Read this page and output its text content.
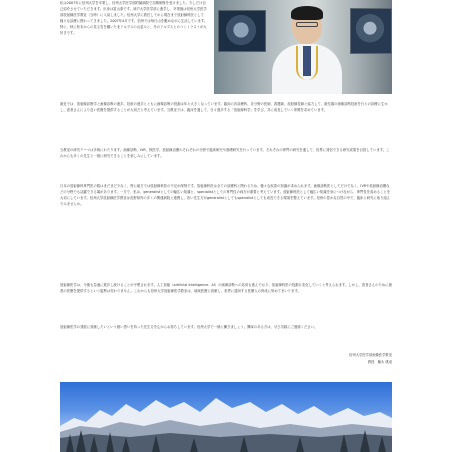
私は2007年に信州大学を卒業し、信州大学医学部附属病院で初期研修を受けました。少しだけ自己紹介させていただきます。出身は富山県です。神戸大学医学部に進学し、卒業後は信州大学医学部放射線医学教室（当時）に入局しました。信州大学に着任してから現在まで放射線科医として様々な診療に携わってきました。2007年4月です。信州では毎日山を眺めながら生活しています。特に、秋に松本からの見る雪を戴いた北アルプスの山並みと、冬のアルプスとのコントラストが大好きです。

最近では、放射線診断学と画像診断の進歩、技術の進歩とともに画像診断の役割は年々大きくなっています。臨床の各診療科、各分野の医師、看護師、放射線技師と協力して、最先端の画像診断技術を日々の診療に生かし、患者さんにより良い医療を提供することが大切だと考えています。当教室では、臨床を通して、日々進歩する「放射線科学」を学び、共に成長していく仲間を求めています。

当教室の研究テーマは多岐にわたります。画像診断、IVR、核医学、放射線治療のそれぞれの分野で臨床研究や基礎研究を行っています。それぞれの専門の研究を通して、世界に発信できる研究成果を目指しています。これからも多くの先生と一緒に研究できることを楽しみにしています。

日本の放射線科専門医の数はまだまだ少なく、特に地方では放射線科医の不足が深刻です。放射線科医は全ての診療科と関わるため、様々な疾患の知識が求められます。画像診断医としてだけでなく、IVRや放射線治療などの分野でも活躍できる場があります。一方で、私は、generalistとしての幅広い知識と、specialistとしての専門性の両方が重要と考えています。放射線科医として幅広い知識を身につけながら、専門性を高めることを大切にしています。信州大学放射線医学教室は長野県内の多くの関連病院と連携し、若い先生方がgeneralistとしてもspecialistとしても成長できる環境を整えています。信州の豊かな自然の中で、臨床と研究に取り組んでみませんか。

放射線医学は、今後も急速に進歩し続けることが予想されます。人工知能（artificial intelligence：AI）の画像診断への応用も進んでおり、放射線科医の役割も変化していくと考えられます。しかし、患者さんのために最善の医療を提供するという姿勢は変わりません。これからも信州大学放射線医学教室は、地域医療に貢献し、世界に通用する医療人の育成に努めてまいります。

放射線医学の発展に貢献したいという熱い思いを持った先生方を心からお待ちしています。信州大学で一緒に働きましょう。興味のある方は、ぜひ気軽にご連絡ください。

信州大学医学部画像医学教室
教授　藤永 康成
